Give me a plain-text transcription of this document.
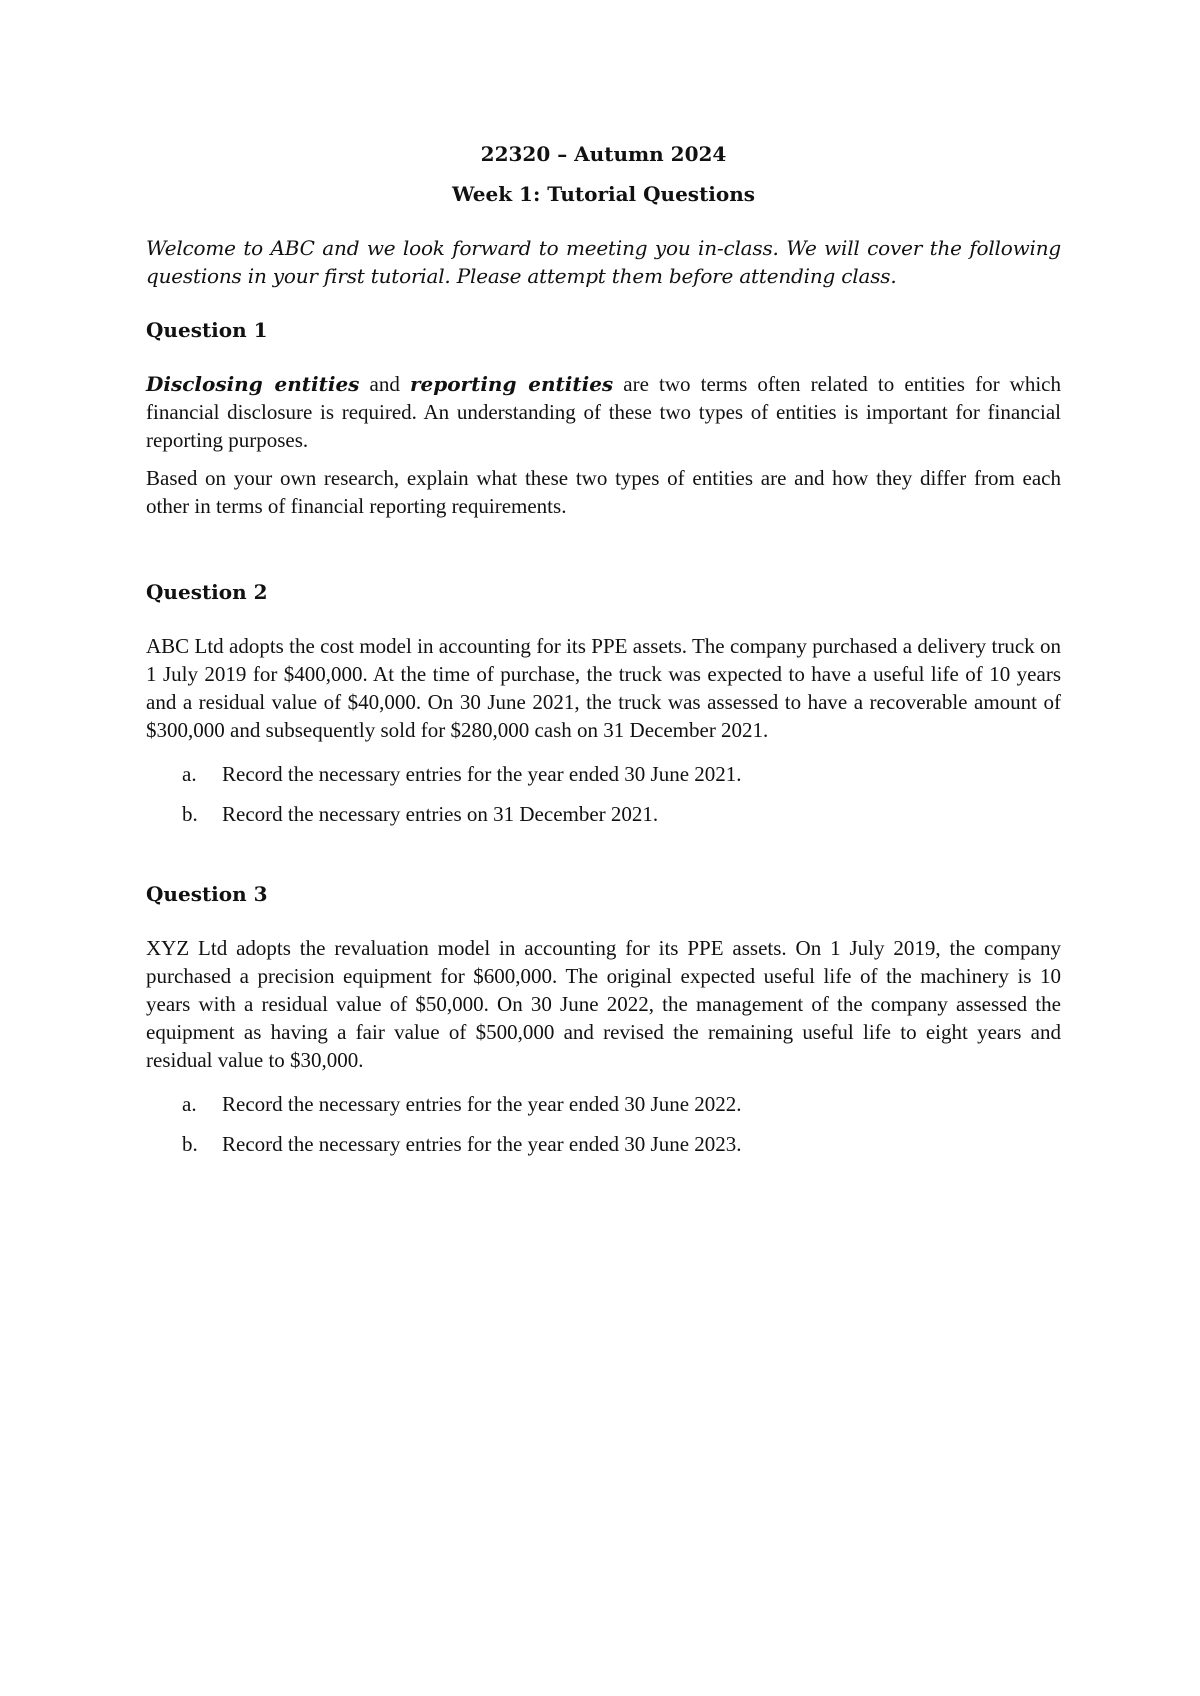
22320 – Autumn 2024
Week 1: Tutorial Questions

Welcome to ABC and we look forward to meeting you in-class. We will cover the following questions in your first tutorial. Please attempt them before attending class.

Question 1

Disclosing entities and reporting entities are two terms often related to entities for which financial disclosure is required. An understanding of these two types of entities is important for financial reporting purposes.

Based on your own research, explain what these two types of entities are and how they differ from each other in terms of financial reporting requirements.

Question 2

ABC Ltd adopts the cost model in accounting for its PPE assets. The company purchased a delivery truck on 1 July 2019 for $400,000. At the time of purchase, the truck was expected to have a useful life of 10 years and a residual value of $40,000. On 30 June 2021, the truck was assessed to have a recoverable amount of $300,000 and subsequently sold for $280,000 cash on 31 December 2021.

a.	Record the necessary entries for the year ended 30 June 2021.
b.	Record the necessary entries on 31 December 2021.
Question 3

XYZ Ltd adopts the revaluation model in accounting for its PPE assets. On 1 July 2019, the company purchased a precision equipment for $600,000. The original expected useful life of the machinery is 10 years with a residual value of $50,000. On 30 June 2022, the management of the company assessed the equipment as having a fair value of $500,000 and revised the remaining useful life to eight years and residual value to $30,000.

a.	Record the necessary entries for the year ended 30 June 2022.
b.	Record the necessary entries for the year ended 30 June 2023.
